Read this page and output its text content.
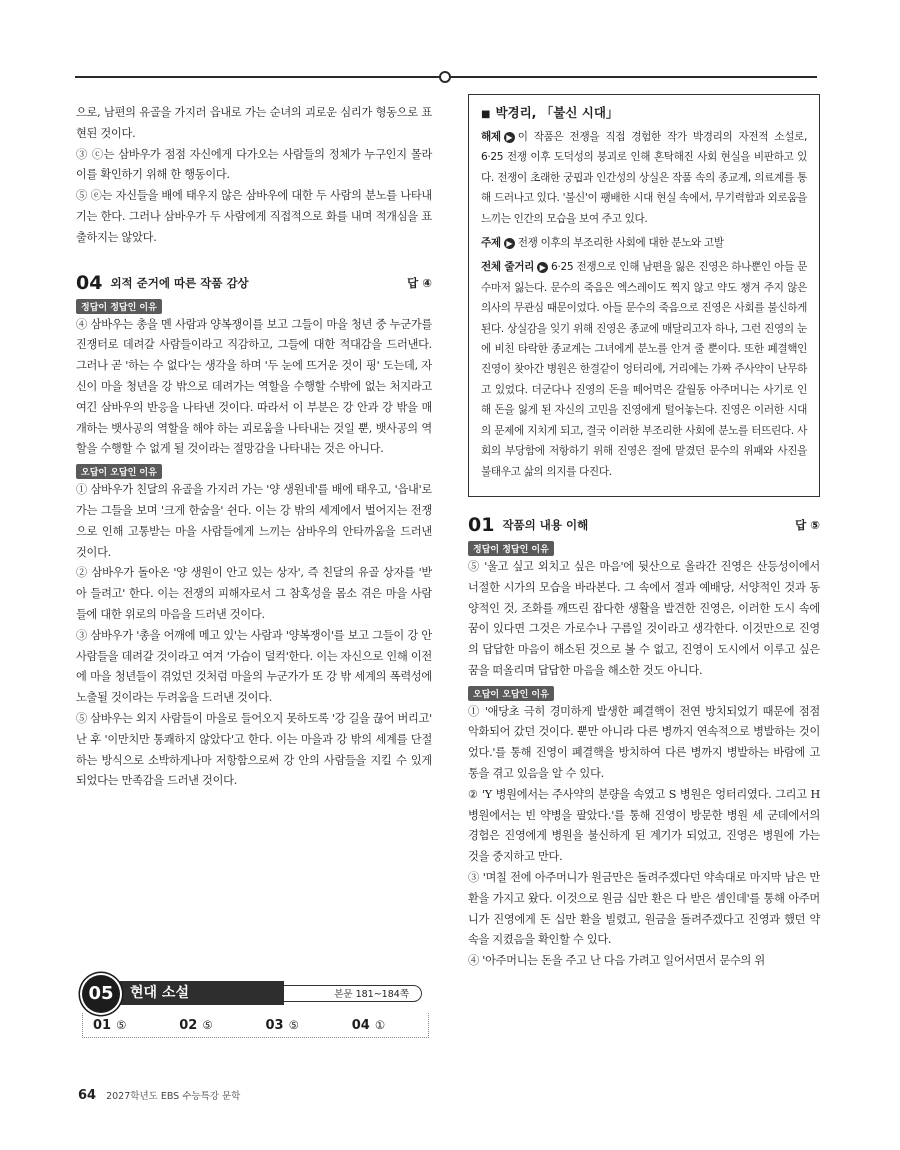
으로, 남편의 유골을 가지러 읍내로 가는 순녀의 괴로운 심리가 형동으로 표현된 것이다.

③ ⓒ는 삼바우가 점점 자신에게 다가오는 사람들의 정체가 누구인지 몰라 이를 확인하기 위해 한 행동이다.

⑤ ⓔ는 자신들을 배에 태우지 않은 삼바우에 대한 두 사람의 분노를 나타내기는 한다. 그러나 삼바우가 두 사람에게 직접적으로 화를 내며 적개심을 표출하지는 않았다.

04 외적 준거에 따른 작품 감상	답 ④
정답이 정답인 이유

④ 삼바우는 총을 멘 사람과 양복쟁이를 보고 그들이 마을 청년 중 누군가를 진쟁터로 데려갈 사람들이라고 직감하고, 그들에 대한 적대감을 드러낸다. 그러나 곧 '하는 수 없다'는 생각을 하며 '두 눈에 뜨거운 것이 핑' 도는데, 자신이 마을 청년을 강 밖으로 데려가는 역할을 수행할 수밖에 없는 처지라고 여긴 삼바우의 반응을 나타낸 것이다. 따라서 이 부분은 강 안과 강 밖을 매개하는 뱃사공의 역할을 해야 하는 괴로움을 나타내는 것일 뿐, 뱃사공의 역할을 수행할 수 없게 될 것이라는 절망감을 나타내는 것은 아니다.

오답이 오답인 이유

① 삼바우가 친달의 유골을 가지러 가는 '양 생원네'를 배에 태우고, '읍내'로 가는 그들을 보며 '크게 한숨을' 쉰다. 이는 강 밖의 세계에서 벌어지는 전쟁으로 인해 고통받는 마을 사람들에게 느끼는 삼바우의 안타까움을 드러낸 것이다.

② 삼바우가 돌아온 '양 생원이 안고 있는 상자', 즉 친달의 유골 상자를 '받아 들려고' 한다. 이는 전쟁의 피해자로서 그 참혹성을 몸소 겪은 마을 사람들에 대한 위로의 마음을 드러낸 것이다.

③ 삼바우가 '총을 어깨에 메고 있'는 사람과 '양복쟁이'를 보고 그들이 강 안 사람들을 데려갈 것이라고 여겨 '가슴이 덜컥'한다. 이는 자신으로 인해 이전에 마을 청년들이 겪었던 것처럼 마을의 누군가가 또 강 밖 세계의 폭력성에 노출될 것이라는 두려움을 드러낸 것이다.

⑤ 삼바우는 외지 사람들이 마을로 들어오지 못하도록 '강 길을 끊어 버리고' 난 후 '이만치만 통쾌하지 않았다'고 한다. 이는 마을과 강 밖의 세계를 단절하는 방식으로 소박하게나마 저항함으로써 강 안의 사람들을 지킬 수 있게 되었다는 만족감을 드러낸 것이다.

■ 박경리, 「불신 시대」

해제 ▶ 이 작품은 전쟁을 직접 경험한 작가 박경리의 자전적 소설로, 6·25 전쟁 이후 도덕성의 붕괴로 인해 혼탁해진 사회 현실을 비판하고 있다. 전쟁이 초래한 궁핍과 인간성의 상실은 작품 속의 종교계, 의료계를 통해 드러나고 있다. '불신'이 팽배한 시대 현실 속에서, 무기력함과 외로움을 느끼는 인간의 모습을 보여 주고 있다.

주제 ▶ 전쟁 이후의 부조리한 사회에 대한 분노와 고발

전체 줄거리 ▶ 6·25 전쟁으로 인해 남편을 잃은 진영은 하나뿐인 아들 문수마저 잃는다. 문수의 죽음은 엑스레이도 찍지 않고 약도 챙겨 주지 않은 의사의 무관심 때문이었다. 아들 문수의 죽음으로 진영은 사회를 불신하게 된다. 상실감을 잊기 위해 진영은 종교에 매달리고자 하나, 그런 진영의 눈에 비친 타락한 종교계는 그녀에게 분노를 안겨 줄 뿐이다. 또한 폐결핵인 진영이 찾아간 병원은 한결같이 엉터리에, 거리에는 가짜 주사약이 난무하고 있었다. 더군다나 진영의 돈을 떼어먹은 갈월동 아주머니는 사기로 인해 돈을 잃게 된 자신의 고민을 진영에게 털어놓는다. 진영은 이러한 시대의 문제에 지치게 되고, 결국 이러한 부조리한 사회에 분노를 터뜨린다. 사회의 부당함에 저항하기 위해 진영은 절에 맡겼던 문수의 위패와 사진을 불태우고 삶의 의지를 다진다.

01 작품의 내용 이해	답 ⑤
정답이 정답인 이유

⑤ '울고 싶고 외치고 싶은 마음'에 뒷산으로 올라간 진영은 산등성이에서 너절한 시가의 모습을 바라본다. 그 속에서 절과 예배당, 서양적인 것과 동양적인 것, 조화를 깨뜨린 잡다한 생활을 발견한 진영은, 이러한 도시 속에 꿈이 있다면 그것은 가로수나 구름일 것이라고 생각한다. 이것만으로 진영의 답답한 마음이 해소된 것으로 볼 수 없고, 진영이 도시에서 이루고 싶은 꿈을 떠올리며 답답한 마음을 해소한 것도 아니다.

오답이 오답인 이유

① '애당초 극히 경미하게 발생한 폐결핵이 전연 방치되었기 때문에 점점 악화되어 갔던 것이다. 뿐만 아니라 다른 병까지 연속적으로 병발하는 것이었다.'를 통해 진영이 폐결핵을 방치하여 다른 병까지 병발하는 바람에 고통을 겪고 있음을 알 수 있다.

② 'Y 병원에서는 주사약의 분량을 속였고 S 병원은 엉터리였다. 그리고 H 병원에서는 빈 약병을 팔았다.'를 통해 진영이 방문한 병원 세 군데에서의 경험은 진영에게 병원을 불신하게 된 계기가 되었고, 진영은 병원에 가는 것을 중지하고 만다.

③ '며칠 전에 아주머니가 원금만은 돌려주겠다던 약속대로 마지막 남은 만 환을 가지고 왔다. 이것으로 원금 십만 환은 다 받은 셈인데'를 통해 아주머니가 진영에게 돈 십만 환을 빌렸고, 원금을 돌려주겠다고 진영과 했던 약속을 지켰음을 확인할 수 있다.

④ '아주머니는 돈을 주고 난 다음 가려고 일어서면서 문수의 위

현대 소설	본문 181~184쪽
05
01 ⑤	02 ⑤	03 ⑤	04 ①
64 2027학년도 EBS 수능특강 문학
